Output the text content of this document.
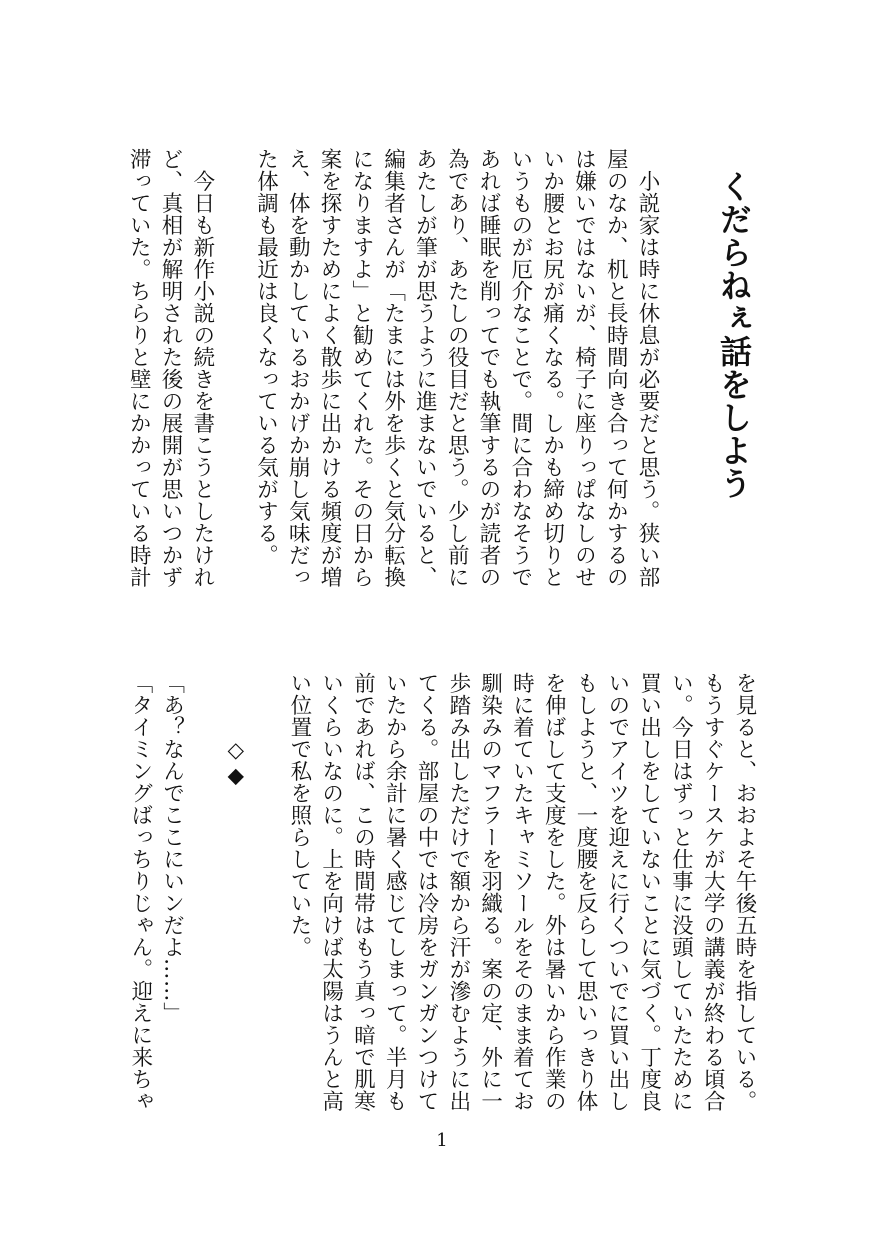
くだらねぇ話をしよう

　小説家は時に休息が必要だと思う。狭い部

屋のなか、机と長時間向き合って何かするの

は嫌いではないが、椅子に座りっぱなしのせ

いか腰とお尻が痛くなる。しかも締め切りと

いうものが厄介なことで。間に合わなそうで

あれば睡眠を削ってでも執筆するのが読者の

為であり、あたしの役目だと思う。少し前に

あたしが筆が思うように進まないでいると、

編集者さんが「たまには外を歩くと気分転換

になりますよ」と勧めてくれた。その日から

案を探すためによく散歩に出かける頻度が増

え、体を動かしているおかげか崩し気味だっ

た体調も最近は良くなっている気がする。

　今日も新作小説の続きを書こうとしたけれ

ど、真相が解明された後の展開が思いつかず

滞っていた。ちらりと壁にかかっている時計

を見ると、おおよそ午後五時を指している。

もうすぐケースケが大学の講義が終わる頃合

い。今日はずっと仕事に没頭していたために

買い出しをしていないことに気づく。丁度良

いのでアイツを迎えに行くついでに買い出し

もしようと、一度腰を反らして思いっきり体

を伸ばして支度をした。外は暑いから作業の

時に着ていたキャミソールをそのまま着てお

馴染みのマフラーを羽織る。案の定、外に一

歩踏み出しただけで額から汗が滲むように出

てくる。部屋の中では冷房をガンガンつけて

いたから余計に暑く感じてしまって。半月も

前であれば、この時間帯はもう真っ暗で肌寒

いくらいなのに。上を向けば太陽はうんと高

い位置で私を照らしていた。

　　　◇◆

「あ？なんでここにいンだよ……」

「タイミングばっちりじゃん。迎えに来ちゃ

1
